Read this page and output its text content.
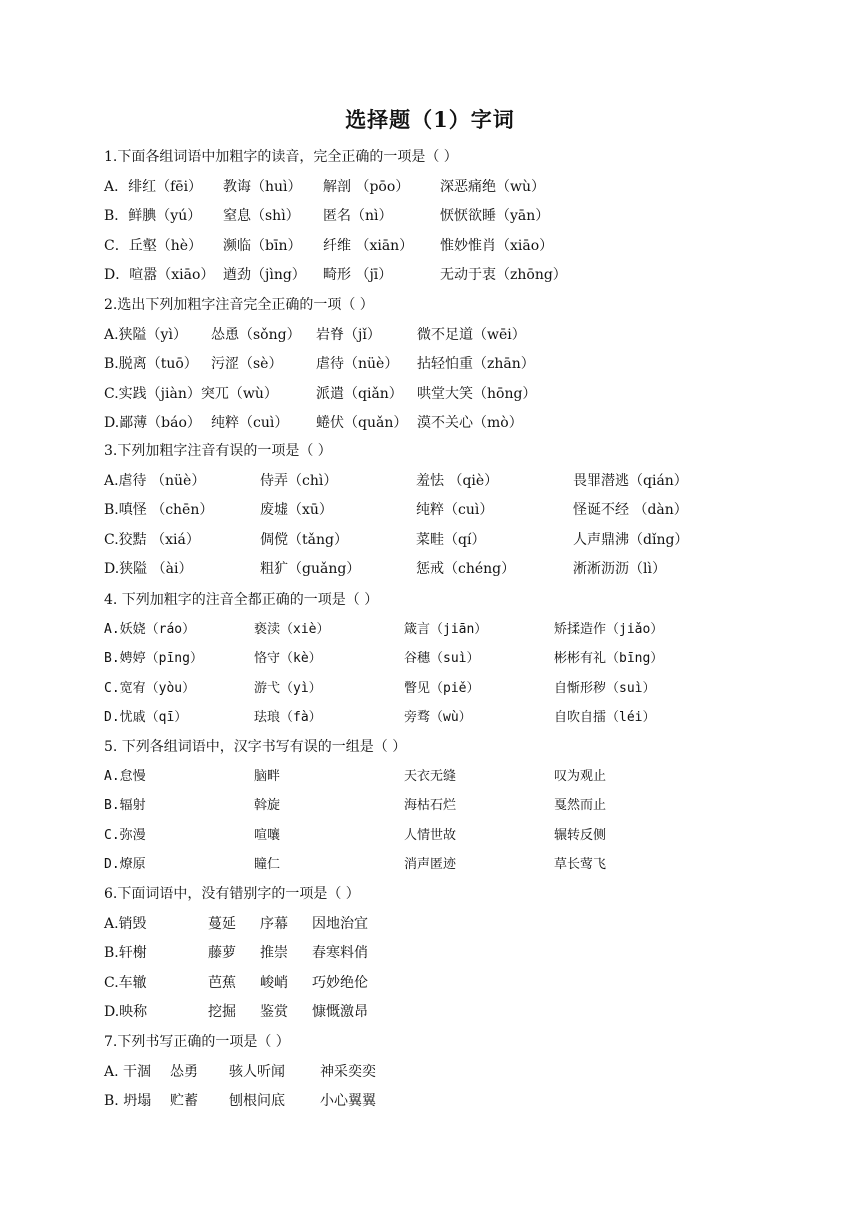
选择题（1）字词
1.下面各组词语中加粗字的读音，完全正确的一项是（ ）
A．绯红（fēi） 教诲（huì） 解剖 （pōo） 深恶痛绝（wù）
B．鲜腆（yú） 窒息（shì） 匿名（nì）	恹恹欲睡（yān）
C．丘壑（hè） 濒临（bīn） 纤维 （xiān） 惟妙惟肖（xiāo）
D．喧嚣（xiāo） 遒劲（jìng） 畸形 （jī）	无动于衷（zhōng）
2.选出下列加粗字注音完全正确的一项（ ）
A.狭隘（yì） 怂恿（sǒng） 岩脊（jǐ）	微不足道（wēi）
B.脱离（tuō） 污涩（sè） 虐待（nüè） 拈轻怕重（zhān）
C.实践（jiàn）突兀（wù）	派遣（qiǎn） 哄堂大笑（hōng）
D.鄙薄（báo） 纯粹（cuì） 蜷伏（quǎn） 漠不关心（mò）
3.下列加粗字注音有误的一项是（ ）
A.虐待 （nüè）	侍弄（chì）	羞怯 （qiè）	畏罪潜逃（qián）
B.嗔怪 （chēn）	废墟（xū）	纯粹（cuì）	怪诞不经 （dàn）
C.狡黠 （xiá）	倜傥（tǎng）	菜畦（qí）	人声鼎沸（dǐng）
D.狭隘 （ài）	粗犷（guǎng）	惩戒（chéng）	淅淅沥沥（lì）
4. 下列加粗字的注音全都正确的一项是（ ）
A.妖娆（ráo）	亵渎（xiè）	箴言（jiān）	矫揉造作（jiǎo）
B.娉婷（pīng）	恪守（kè）	谷穗（suì）	彬彬有礼（bīng）
C.宽宥（yòu）	游弋（yì）	瞥见（piě）	自惭形秽（suì）
D.忧戚（qī）	珐琅（fà）	旁骛（wù）	自吹自擂（léi）
5. 下列各组词语中，汉字书写有误的一组是（ ）
A.怠慢	脑畔	天衣无缝	叹为观止
B.辐射	斡旋	海枯石烂	戛然而止
C.弥漫	喧嚷	人情世故	辗转反侧
D.燎原	瞳仁	消声匿迹	草长莺飞
6.下面词语中，没有错别字的一项是（ ）
A.销毁	蔓延 序幕 因地治宜
B.轩榭	藤萝 推崇 春寒料俏
C.车辙	芭蕉 峻峭 巧妙绝伦
D.映称	挖掘 鉴赏 慷慨激昂
7.下列书写正确的一项是（ ）
A. 干涸 怂勇 骇人听闻	神采奕奕
B. 坍塌 贮蓄 刨根问底	小心翼翼
